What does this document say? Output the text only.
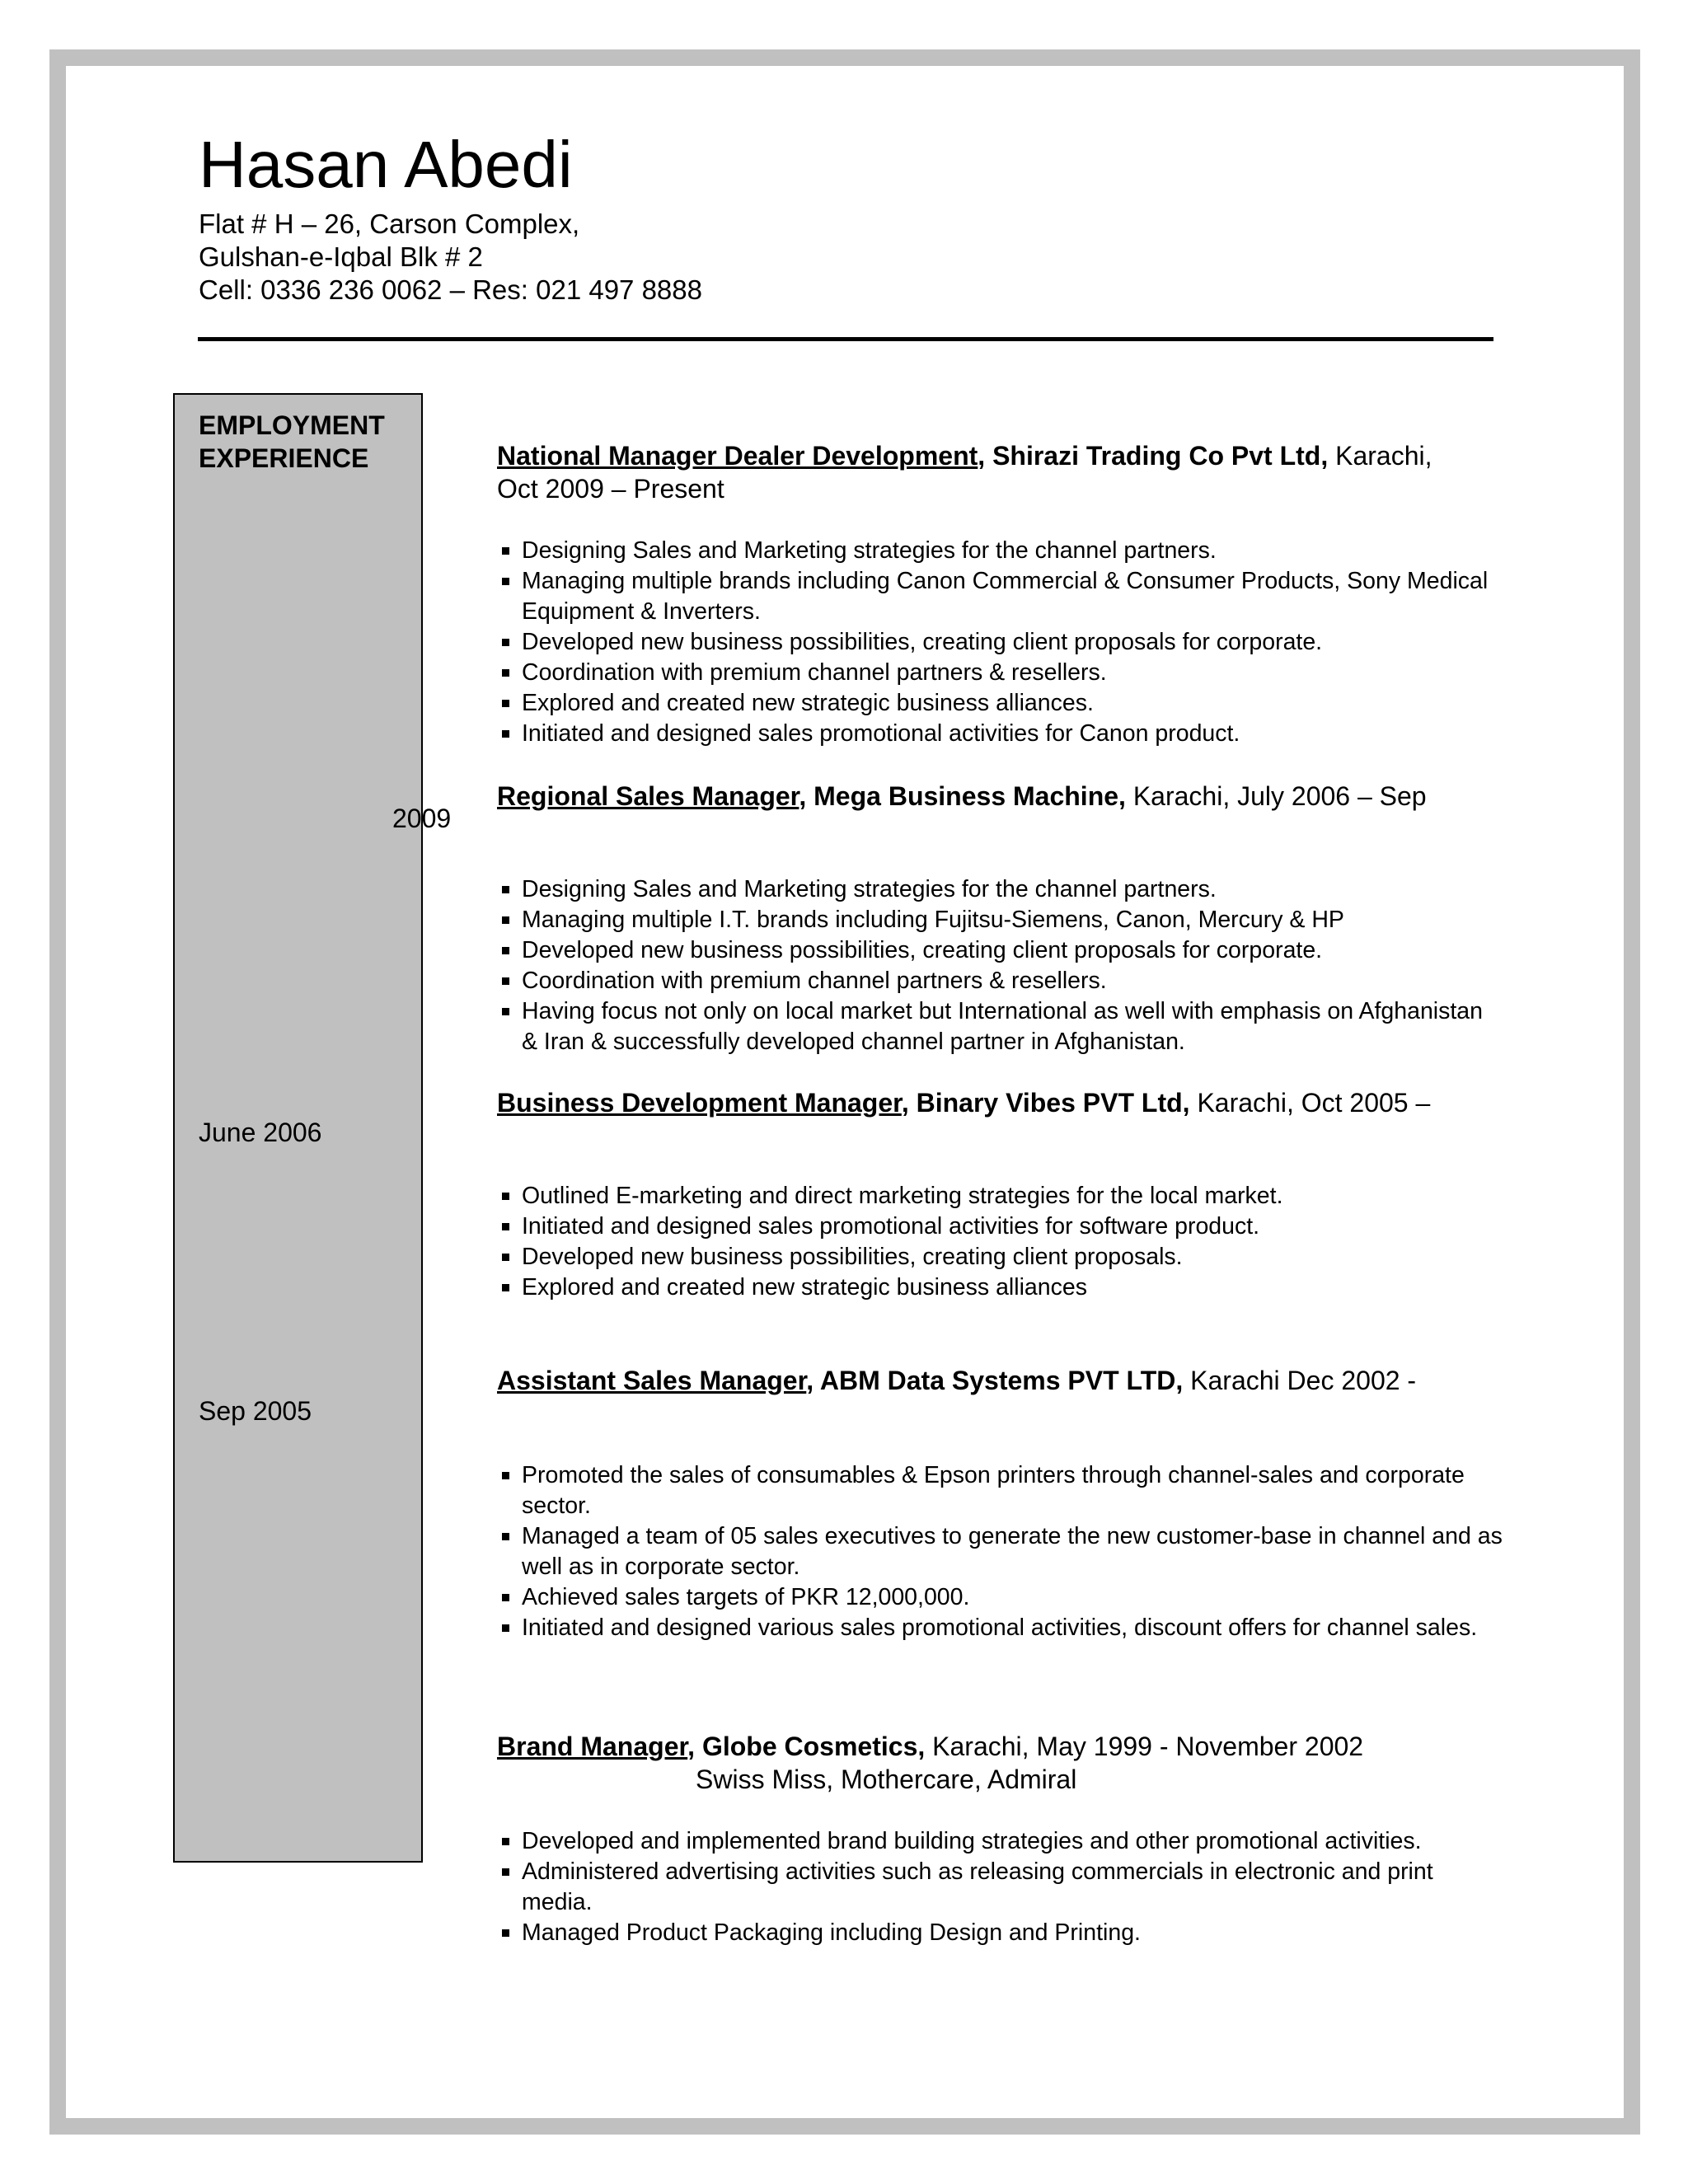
Hasan Abedi
Flat # H – 26, Carson Complex,
Gulshan-e-Iqbal Blk # 2
Cell: 0336 236 0062 – Res: 021 497 8888
EMPLOYMENT
EXPERIENCE
2009
June 2006
Sep 2005
National Manager Dealer Development, Shirazi Trading Co Pvt Ltd, Karachi,
Oct 2009 – Present
Designing Sales and Marketing strategies for the channel partners.
Managing multiple brands including Canon Commercial & Consumer Products, Sony Medical Equipment & Inverters.
Developed new business possibilities, creating client proposals for corporate.
Coordination with premium channel partners & resellers.
Explored and created new strategic business alliances.
Initiated and designed sales promotional activities for Canon product.
Regional Sales Manager, Mega Business Machine, Karachi, July 2006 – Sep
Designing Sales and Marketing strategies for the channel partners.
Managing multiple I.T. brands including Fujitsu-Siemens, Canon, Mercury & HP
Developed new business possibilities, creating client proposals for corporate.
Coordination with premium channel partners & resellers.
Having focus not only on local market but International as well with emphasis on Afghanistan & Iran & successfully developed channel partner in Afghanistan.
Business Development Manager, Binary Vibes PVT Ltd, Karachi, Oct 2005 –
Outlined E-marketing and direct marketing strategies for the local market.
Initiated and designed sales promotional activities for software product.
Developed new business possibilities, creating client proposals.
Explored and created new strategic business alliances
Assistant Sales Manager, ABM Data Systems PVT LTD, Karachi Dec 2002 -
Promoted the sales of consumables & Epson printers through channel-sales and corporate sector.
Managed a team of 05 sales executives to generate the new customer-base in channel and as well as in corporate sector.
Achieved sales targets of PKR 12,000,000.
Initiated and designed various sales promotional activities, discount offers for channel sales.
Brand Manager, Globe Cosmetics, Karachi, May 1999 - November 2002
Swiss Miss, Mothercare, Admiral
Developed and implemented brand building strategies and other promotional activities.
Administered advertising activities such as releasing commercials in electronic and print media.
Managed Product Packaging including Design and Printing.
